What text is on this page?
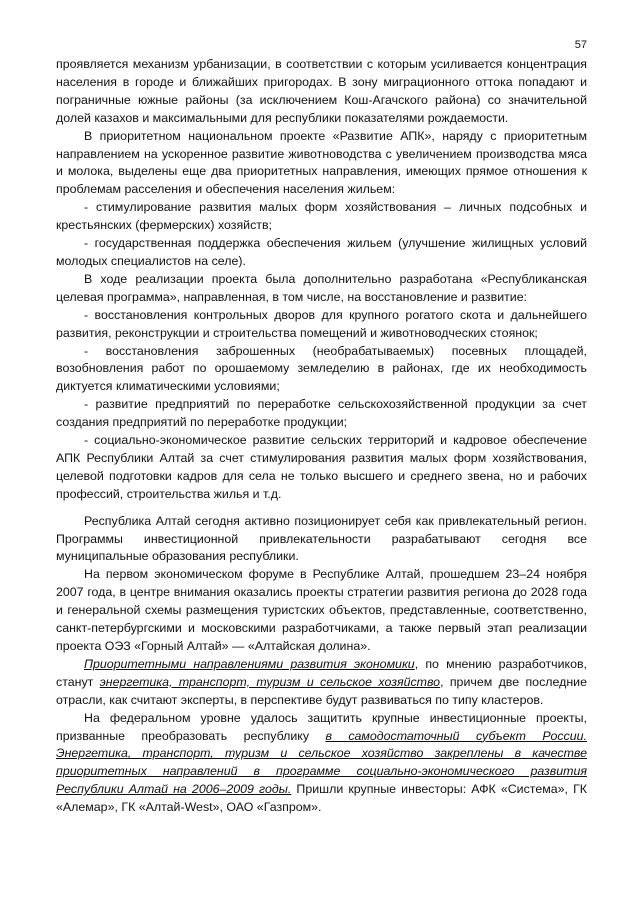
57

проявляется механизм урбанизации, в соответствии с которым усиливается концентрация населения в городе и ближайших пригородах. В зону миграционного оттока попадают и пограничные южные районы (за исключением Кош-Агачского района) со значительной долей казахов и максимальными для республики показателями рождаемости.

В приоритетном национальном проекте «Развитие АПК», наряду с приоритетным направлением на ускоренное развитие животноводства с увеличением производства мяса и молока, выделены еще два приоритетных направления, имеющих прямое отношения к проблемам расселения и обеспечения населения жильем:

- стимулирование развития малых форм хозяйствования – личных подсобных и крестьянских (фермерских) хозяйств;

- государственная поддержка обеспечения жильем (улучшение жилищных условий молодых специалистов на селе).

В ходе реализации проекта была дополнительно разработана «Республиканская целевая программа», направленная, в том числе, на восстановление и развитие:

- восстановления контрольных дворов для крупного рогатого скота и дальнейшего развития, реконструкции и строительства помещений и животноводческих стоянок;

- восстановления заброшенных (необрабатываемых) посевных площадей, возобновления работ по орошаемому земледелию в районах, где их необходимость диктуется климатическими условиями;

- развитие предприятий по переработке сельскохозяйственной продукции за счет создания предприятий по переработке продукции;

- социально-экономическое развитие сельских территорий и кадровое обеспечение АПК Республики Алтай за счет стимулирования развития малых форм хозяйствования, целевой подготовки кадров для села не только высшего и среднего звена, но и рабочих профессий, строительства жилья и т.д.

Республика Алтай сегодня активно позиционирует себя как привлекательный регион. Программы инвестиционной привлекательности разрабатывают сегодня все муниципальные образования республики.

На первом экономическом форуме в Республике Алтай, прошедшем 23–24 ноября 2007 года, в центре внимания оказались проекты стратегии развития региона до 2028 года и генеральной схемы размещения туристских объектов, представленные, соответственно, санкт-петербургскими и московскими разработчиками, а также первый этап реализации проекта ОЭЗ «Горный Алтай» — «Алтайская долина».

Приоритетными направлениями развития экономики, по мнению разработчиков, станут энергетика, транспорт, туризм и сельское хозяйство, причем две последние отрасли, как считают эксперты, в перспективе будут развиваться по типу кластеров.

На федеральном уровне удалось защитить крупные инвестиционные проекты, призванные преобразовать республику в самодостаточный субъект России. Энергетика, транспорт, туризм и сельское хозяйство закреплены в качестве приоритетных направлений в программе социально-экономического развития Республики Алтай на 2006–2009 годы. Пришли крупные инвесторы: АФК «Система», ГК «Алемар», ГК «Алтай-West», ОАО «Газпром».
